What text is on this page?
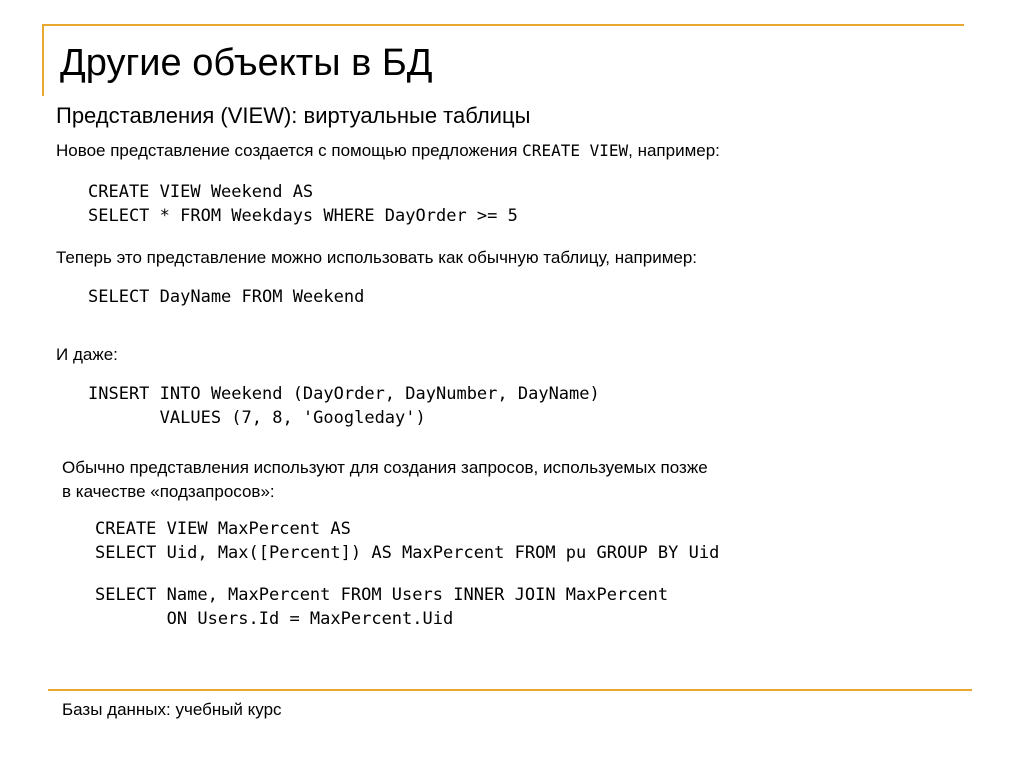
Другие объекты в БД
Представления (VIEW): виртуальные таблицы
Новое представление создается с помощью предложения CREATE VIEW, например:
CREATE VIEW Weekend AS
SELECT * FROM Weekdays WHERE DayOrder >= 5
Теперь это представление можно использовать как обычную таблицу, например:
SELECT DayName FROM Weekend
И даже:
INSERT INTO Weekend (DayOrder, DayNumber, DayName)
VALUES (7, 8, 'Googleday')
Обычно представления используют для создания запросов, используемых позже
в качестве «подзапросов»:
CREATE VIEW MaxPercent AS
SELECT Uid, Max([Percent]) AS MaxPercent FROM pu GROUP BY Uid
SELECT Name, MaxPercent FROM Users INNER JOIN MaxPercent
ON Users.Id = MaxPercent.Uid
Базы данных: учебный курс
